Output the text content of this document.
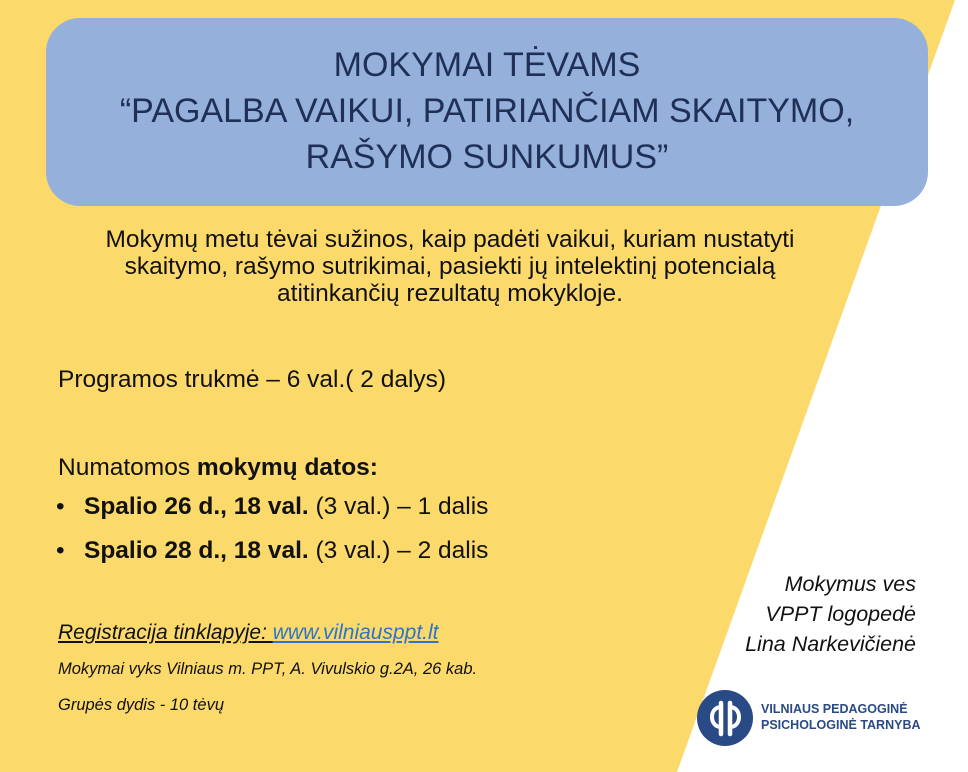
MOKYMAI TĖVAMS
“PAGALBA VAIKUI, PATIRIANČIAM SKAITYMO,
RAŠYMO SUNKUMUS”
Mokymų metu tėvai sužinos, kaip padėti vaikui, kuriam nustatyti skaitymo, rašymo sutrikimai, pasiekti jų intelektinį potencialą atitinkančių rezultatų mokykloje.
Programos trukmė – 6 val.( 2 dalys)
Numatomos mokymų datos:
• Spalio 26 d., 18 val. (3 val.) – 1 dalis
• Spalio 28 d., 18 val. (3 val.) – 2 dalis
Registracija tinklapyje: www.vilniausppt.lt
Mokymai vyks Vilniaus m. PPT, A. Vivulskio g.2A, 26 kab.
Grupės dydis - 10 tėvų
Mokymus ves
VPPT logopedė
Lina Narkevičienė
VILNIAUS PEDAGOGINĖ
PSICHOLOGINĖ TARNYBA
